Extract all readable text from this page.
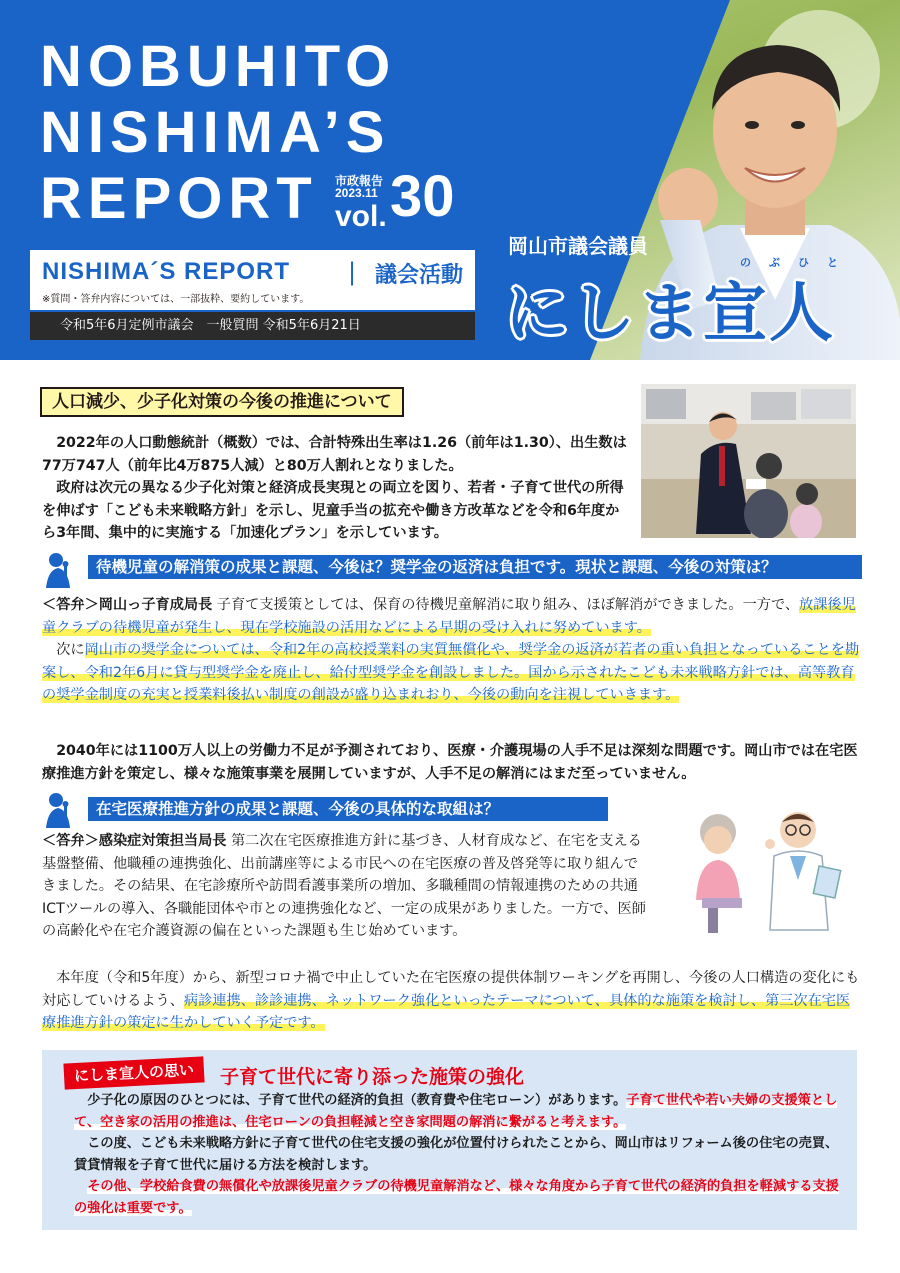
NOBUHITO
NISHIMA’S
REPORT 市政報告
2023.11
vol. 30
NISHIMA´S REPORT | 議会活動
※質問・答弁内容については、一部抜粋、要約しています。
令和5年6月定例市議会　一般質問 令和5年6月21日
岡山市議会議員
のぶひと
にしま宣人
人口減少、少子化対策の今後の推進について
2022年の人口動態統計（概数）では、合計特殊出生率は1.26（前年は1.30）、出生数は77万747人（前年比4万875人減）と80万人割れとなりました。
政府は次元の異なる少子化対策と経済成長実現との両立を図り、若者・子育て世代の所得を伸ばす「こども未来戦略方針」を示し、児童手当の拡充や働き方改革などを令和6年度から3年間、集中的に実施する「加速化プラン」を示しています。
待機児童の解消策の成果と課題、今後は？奨学金の返済は負担です。現状と課題、今後の対策は？
＜答弁＞岡山っ子育成局長 子育て支援策としては、保育の待機児童解消に取り組み、ほぼ解消ができました。一方で、放課後児童クラブの待機児童が発生し、現在学校施設の活用などによる早期の受け入れに努めています。
次に岡山市の奨学金については、令和2年の高校授業料の実質無償化や、奨学金の返済が若者の重い負担となっていることを勘案し、令和2年6月に貸与型奨学金を廃止し、給付型奨学金を創設しました。国から示されたこども未来戦略方針では、高等教育の奨学金制度の充実と授業料後払い制度の創設が盛り込まれおり、今後の動向を注視していきます。
2040年には1100万人以上の労働力不足が予測されており、医療・介護現場の人手不足は深刻な問題です。岡山市では在宅医療推進方針を策定し、様々な施策事業を展開していますが、人手不足の解消にはまだ至っていません。
在宅医療推進方針の成果と課題、今後の具体的な取組は？
＜答弁＞感染症対策担当局長 第二次在宅医療推進方針に基づき、人材育成など、在宅を支える基盤整備、他職種の連携強化、出前講座等による市民への在宅医療の普及啓発等に取り組んできました。その結果、在宅診療所や訪問看護事業所の増加、多職種間の情報連携のための共通ICTツールの導入、各職能団体や市との連携強化など、一定の成果がありました。一方で、医師の高齢化や在宅介護資源の偏在といった課題も生じ始めています。
本年度（令和5年度）から、新型コロナ禍で中止していた在宅医療の提供体制ワーキングを再開し、今後の人口構造の変化にも対応していけるよう、病診連携、診診連携、ネットワーク強化といったテーマについて、具体的な施策を検討し、第三次在宅医療推進方針の策定に生かしていく予定です。
にしま宣人の思い	子育て世代に寄り添った施策の強化
少子化の原因のひとつには、子育て世代の経済的負担（教育費や住宅ローン）があります。子育て世代や若い夫婦の支援策として、空き家の活用の推進は、住宅ローンの負担軽減と空き家問題の解消に繋がると考えます。
この度、こども未来戦略方針に子育て世代の住宅支援の強化が位置付けられたことから、岡山市はリフォーム後の住宅の売買、賃貸情報を子育て世代に届ける方法を検討します。
その他、学校給食費の無償化や放課後児童クラブの待機児童解消など、様々な角度から子育て世代の経済的負担を軽減する支援の強化は重要です。
